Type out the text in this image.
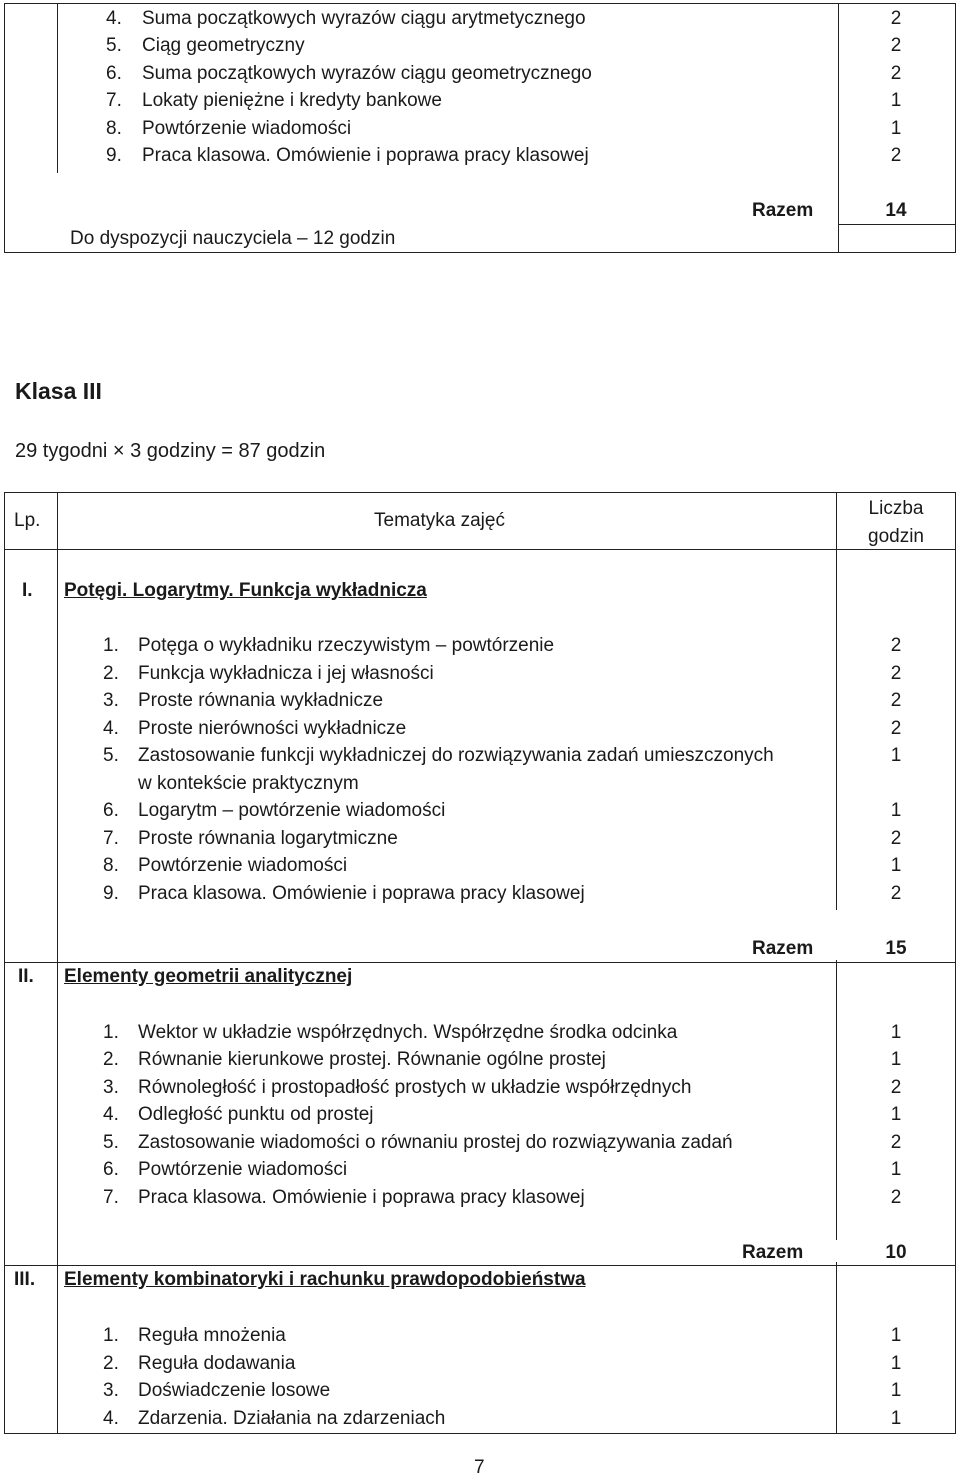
4.	Suma początkowych wyrazów ciągu arytmetycznego	2
5.	Ciąg geometryczny	2
6.	Suma początkowych wyrazów ciągu geometrycznego	2
7.	Lokaty pieniężne i kredyty bankowe	1
8.	Powtórzenie wiadomości	1
9.	Praca klasowa. Omówienie i poprawa pracy klasowej	2
Razem	14
Do dyspozycji nauczyciela – 12 godzin
Klasa III
29 tygodni × 3 godziny = 87 godzin
Lp.	Tematyka zajęć
Liczba
godzin
I. Potęgi. Logarytmy. Funkcja wykładnicza
1.	Potęga o wykładniku rzeczywistym – powtórzenie	2
2.	Funkcja wykładnicza i jej własności	2
3.	Proste równania wykładnicze	2
4.	Proste nierówności wykładnicze	2
5.	Zastosowanie funkcji wykładniczej do rozwiązywania zadań umieszczonych	1
w kontekście praktycznym
6.	Logarytm – powtórzenie wiadomości	1
7.	Proste równania logarytmiczne	2
8.	Powtórzenie wiadomości	1
9.	Praca klasowa. Omówienie i poprawa pracy klasowej	2
Razem	15
II. Elementy geometrii analitycznej
1.	Wektor w układzie współrzędnych. Współrzędne środka odcinka	1
2.	Równanie kierunkowe prostej. Równanie ogólne prostej	1
3.	Równoległość i prostopadłość prostych w układzie współrzędnych	2
4.	Odległość punktu od prostej	1
5.	Zastosowanie wiadomości o równaniu prostej do rozwiązywania zadań	2
6.	Powtórzenie wiadomości	1
7.	Praca klasowa. Omówienie i poprawa pracy klasowej	2
Razem	10
III. Elementy kombinatoryki i rachunku prawdopodobieństwa
1.	Reguła mnożenia	1
2.	Reguła dodawania	1
3.	Doświadczenie losowe	1
4.	Zdarzenia. Działania na zdarzeniach	1
7
